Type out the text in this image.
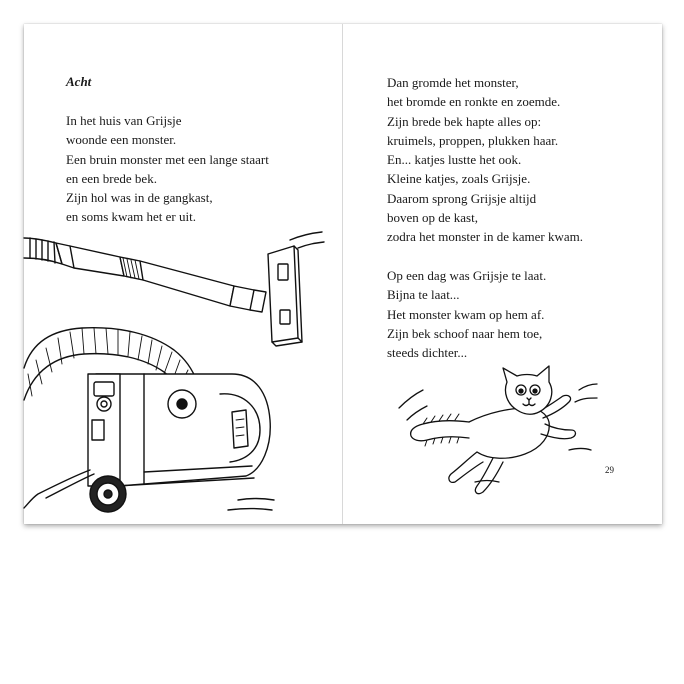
Acht
In het huis van Grijsje
woonde een monster.
Een bruin monster met een lange staart
en een brede bek.
Zijn hol was in de gangkast,
en soms kwam het er uit.
Dan gromde het monster,
het bromde en ronkte en zoemde.
Zijn brede bek hapte alles op:
kruimels, proppen, plukken haar.
En... katjes lustte het ook.
Kleine katjes, zoals Grijsje.
Daarom sprong Grijsje altijd
boven op de kast,
zodra het monster in de kamer kwam.
Op een dag was Grijsje te laat.
Bijna te laat...
Het monster kwam op hem af.
Zijn bek schoof naar hem toe,
steeds dichter...
29
